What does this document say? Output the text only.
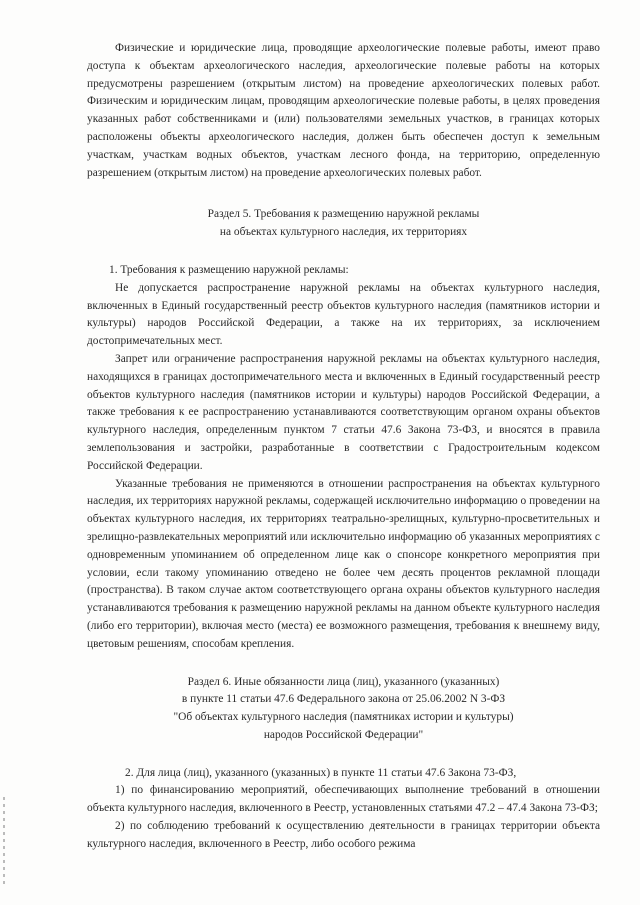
Физические и юридические лица, проводящие археологические полевые работы, имеют право доступа к объектам археологического наследия, археологические полевые работы на которых предусмотрены разрешением (открытым листом) на проведение археологических полевых работ. Физическим и юридическим лицам, проводящим археологические полевые работы, в целях проведения указанных работ собственниками и (или) пользователями земельных участков, в границах которых расположены объекты археологического наследия, должен быть обеспечен доступ к земельным участкам, участкам водных объектов, участкам лесного фонда, на территорию, определенную разрешением (открытым листом) на проведение археологических полевых работ.

Раздел 5. Требования к размещению наружной рекламы
на объектах культурного наследия, их территориях

1. Требования к размещению наружной рекламы:

Не допускается распространение наружной рекламы на объектах культурного наследия, включенных в Единый государственный реестр объектов культурного наследия (памятников истории и культуры) народов Российской Федерации, а также на их территориях, за исключением достопримечательных мест.

Запрет или ограничение распространения наружной рекламы на объектах культурного наследия, находящихся в границах достопримечательного места и включенных в Единый государственный реестр объектов культурного наследия (памятников истории и культуры) народов Российской Федерации, а также требования к ее распространению устанавливаются соответствующим органом охраны объектов культурного наследия, определенным пунктом 7 статьи 47.6 Закона 73-ФЗ, и вносятся в правила землепользования и застройки, разработанные в соответствии с Градостроительным кодексом Российской Федерации.

Указанные требования не применяются в отношении распространения на объектах культурного наследия, их территориях наружной рекламы, содержащей исключительно информацию о проведении на объектах культурного наследия, их территориях театрально-зрелищных, культурно-просветительных и зрелищно-развлекательных мероприятий или исключительно информацию об указанных мероприятиях с одновременным упоминанием об определенном лице как о спонсоре конкретного мероприятия при условии, если такому упоминанию отведено не более чем десять процентов рекламной площади (пространства). В таком случае актом соответствующего органа охраны объектов культурного наследия устанавливаются требования к размещению наружной рекламы на данном объекте культурного наследия (либо его территории), включая место (места) ее возможного размещения, требования к внешнему виду, цветовым решениям, способам крепления.

Раздел 6. Иные обязанности лица (лиц), указанного (указанных)
в пункте 11 статьи 47.6 Федерального закона от 25.06.2002 N 3-ФЗ
"Об объектах культурного наследия (памятниках истории и культуры)
народов Российской Федерации"

2. Для лица (лиц), указанного (указанных) в пункте 11 статьи 47.6 Закона 73-ФЗ,

1) по финансированию мероприятий, обеспечивающих выполнение требований в отношении объекта культурного наследия, включенного в Реестр, установленных статьями 47.2 – 47.4 Закона 73-ФЗ;

2) по соблюдению требований к осуществлению деятельности в границах территории объекта культурного наследия, включенного в Реестр, либо особого режима
